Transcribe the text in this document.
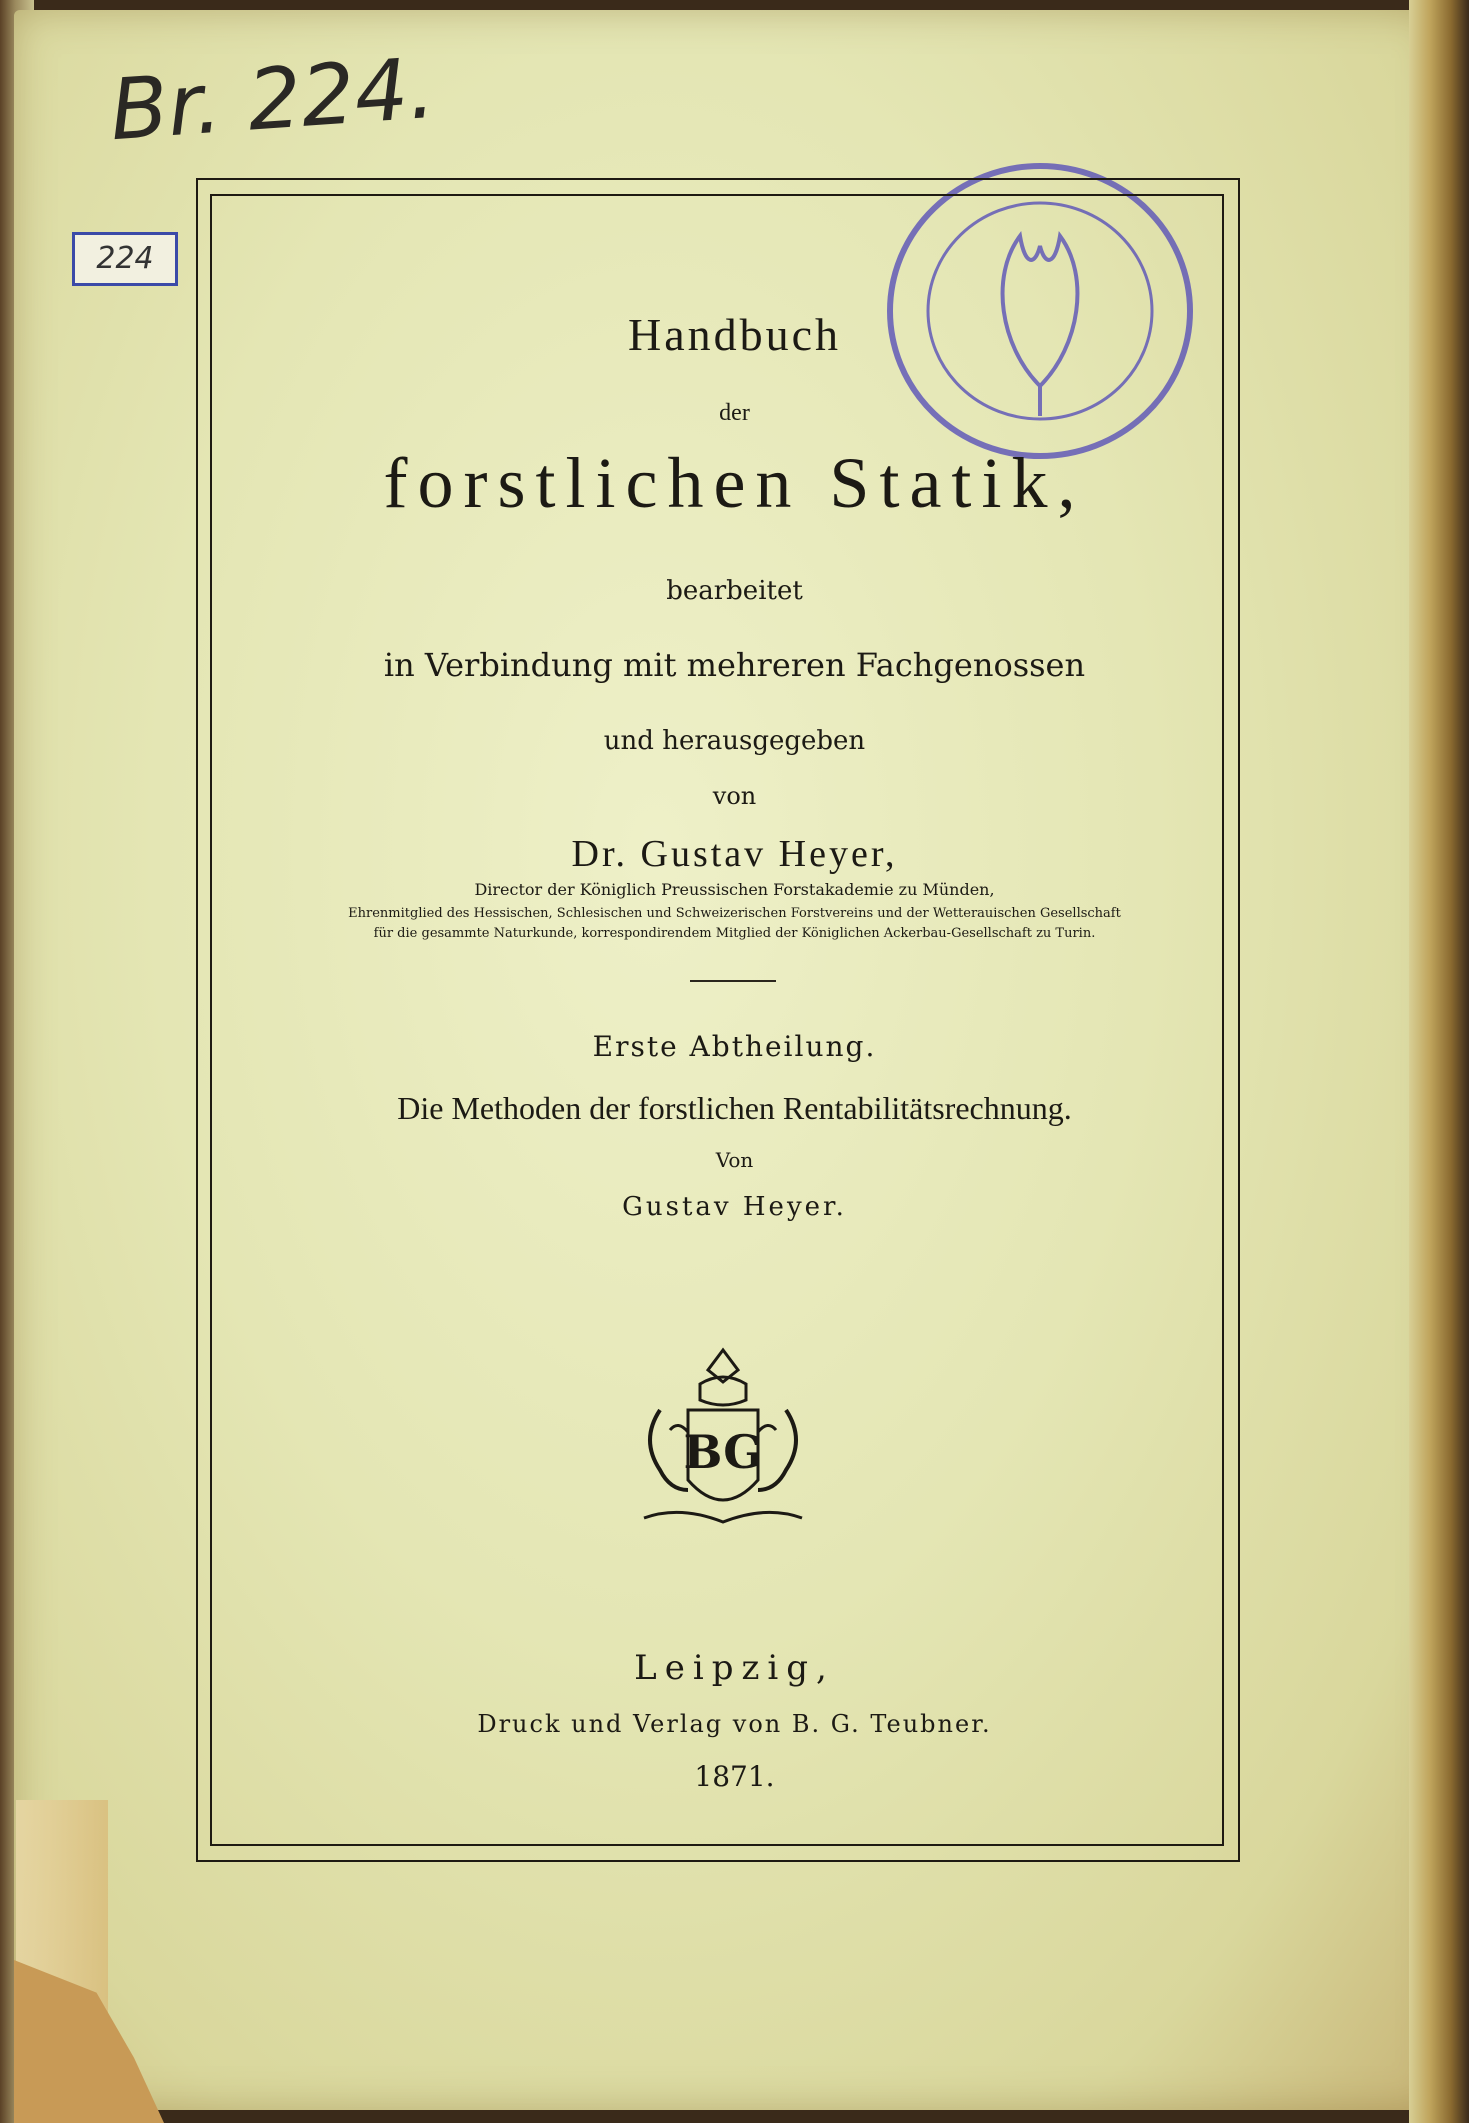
Br. 224.
224
Handbuch
der
forstlichen Statik,
bearbeitet
in Verbindung mit mehreren Fachgenossen
und herausgegeben
von
Dr. Gustav Heyer,
Director der Königlich Preussischen Forstakademie zu Münden,
Ehrenmitglied des Hessischen, Schlesischen und Schweizerischen Forstvereins und der Wetterauischen Gesellschaft
für die gesammte Naturkunde, korrespondirendem Mitglied der Königlichen Ackerbau-Gesellschaft zu Turin.
Erste Abtheilung.
Die Methoden der forstlichen Rentabilitätsrechnung.
Von
Gustav Heyer.
BG
Leipzig,
Druck und Verlag von B. G. Teubner.
1871.
